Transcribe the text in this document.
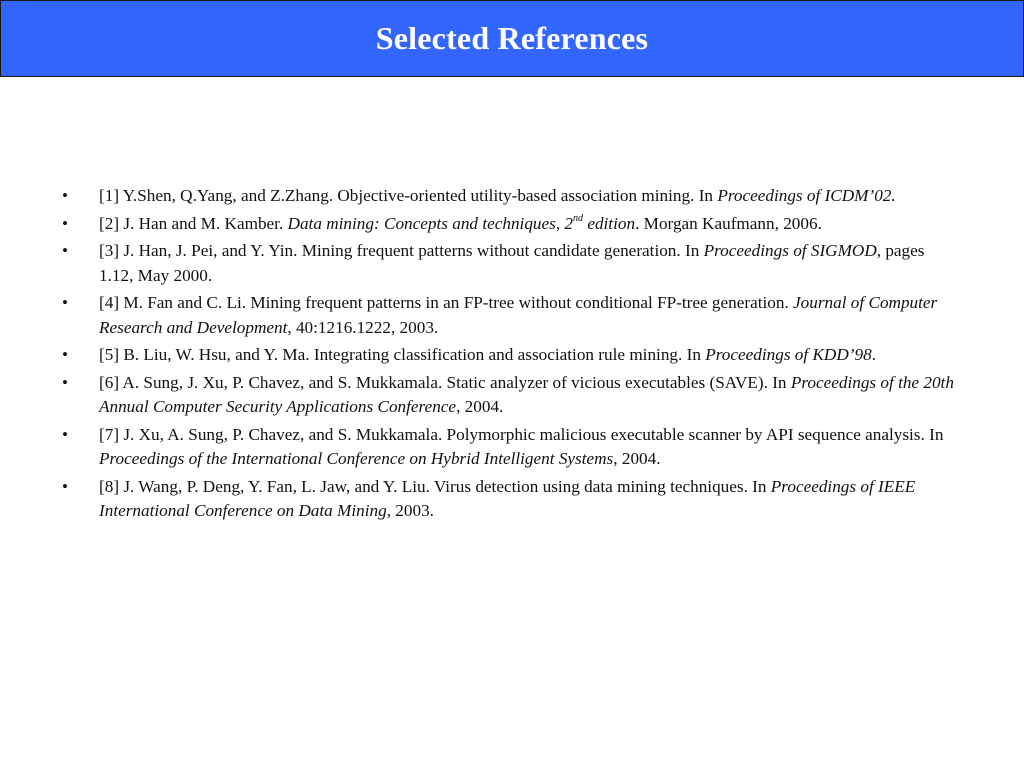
Selected References
• [1] Y.Shen, Q.Yang, and Z.Zhang. Objective-oriented utility-based association mining. In Proceedings of ICDM’02.
• [2] J. Han and M. Kamber. Data mining: Concepts and techniques, 2nd edition. Morgan Kaufmann, 2006.
• [3] J. Han, J. Pei, and Y. Yin. Mining frequent patterns without candidate generation. In Proceedings of SIGMOD, pages 1.12, May 2000.
• [4] M. Fan and C. Li. Mining frequent patterns in an FP-tree without conditional FP-tree generation. Journal of Computer Research and Development, 40:1216.1222, 2003.
• [5] B. Liu, W. Hsu, and Y. Ma. Integrating classification and association rule mining. In Proceedings of KDD’98.
• [6] A. Sung, J. Xu, P. Chavez, and S. Mukkamala. Static analyzer of vicious executables (SAVE). In Proceedings of the 20th Annual Computer Security Applications Conference, 2004.
• [7] J. Xu, A. Sung, P. Chavez, and S. Mukkamala. Polymorphic malicious executable scanner by API sequence analysis. In Proceedings of the International Conference on Hybrid Intelligent Systems, 2004.
• [8] J. Wang, P. Deng, Y. Fan, L. Jaw, and Y. Liu. Virus detection using data mining techniques. In Proceedings of IEEE International Conference on Data Mining, 2003.
